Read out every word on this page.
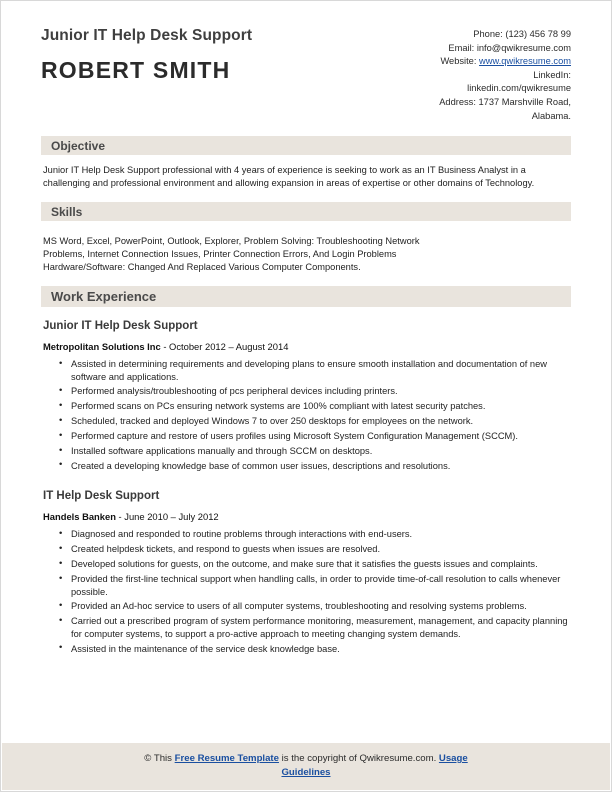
Junior IT Help Desk Support
ROBERT SMITH
Phone: (123) 456 78 99
Email: info@qwikresume.com
Website: www.qwikresume.com
LinkedIn:
linkedin.com/qwikresume
Address: 1737 Marshville Road,
Alabama.
Objective

Junior IT Help Desk Support professional with 4 years of experience is seeking to work as an IT Business Analyst in a challenging and professional environment and allowing expansion in areas of expertise or other domains of Technology.

Skills

MS Word, Excel, PowerPoint, Outlook, Explorer, Problem Solving: Troubleshooting Network

Problems, Internet Connection Issues, Printer Connection Errors, And Login Problems

Hardware/Software: Changed And Replaced Various Computer Components.

Work Experience
Junior IT Help Desk Support
Metropolitan Solutions Inc - October 2012 – August 2014
• Assisted in determining requirements and developing plans to ensure smooth installation and documentation of new software and applications.
• Performed analysis/troubleshooting of pcs peripheral devices including printers.
• Performed scans on PCs ensuring network systems are 100% compliant with latest security patches.
• Scheduled, tracked and deployed Windows 7 to over 250 desktops for employees on the network.
• Performed capture and restore of users profiles using Microsoft System Configuration Management (SCCM).
• Installed software applications manually and through SCCM on desktops.
• Created a developing knowledge base of common user issues, descriptions and resolutions.
IT Help Desk Support
Handels Banken - June 2010 – July 2012
• Diagnosed and responded to routine problems through interactions with end-users.
• Created helpdesk tickets, and respond to guests when issues are resolved.
• Developed solutions for guests, on the outcome, and make sure that it satisfies the guests issues and complaints.
• Provided the first-line technical support when handling calls, in order to provide time-of-call resolution to calls whenever possible.
• Provided an Ad-hoc service to users of all computer systems, troubleshooting and resolving systems problems.
• Carried out a prescribed program of system performance monitoring, measurement, management, and capacity planning for computer systems, to support a pro-active approach to meeting changing system demands.
• Assisted in the maintenance of the service desk knowledge base.
© This Free Resume Template is the copyright of Qwikresume.com. Usage
Guidelines
